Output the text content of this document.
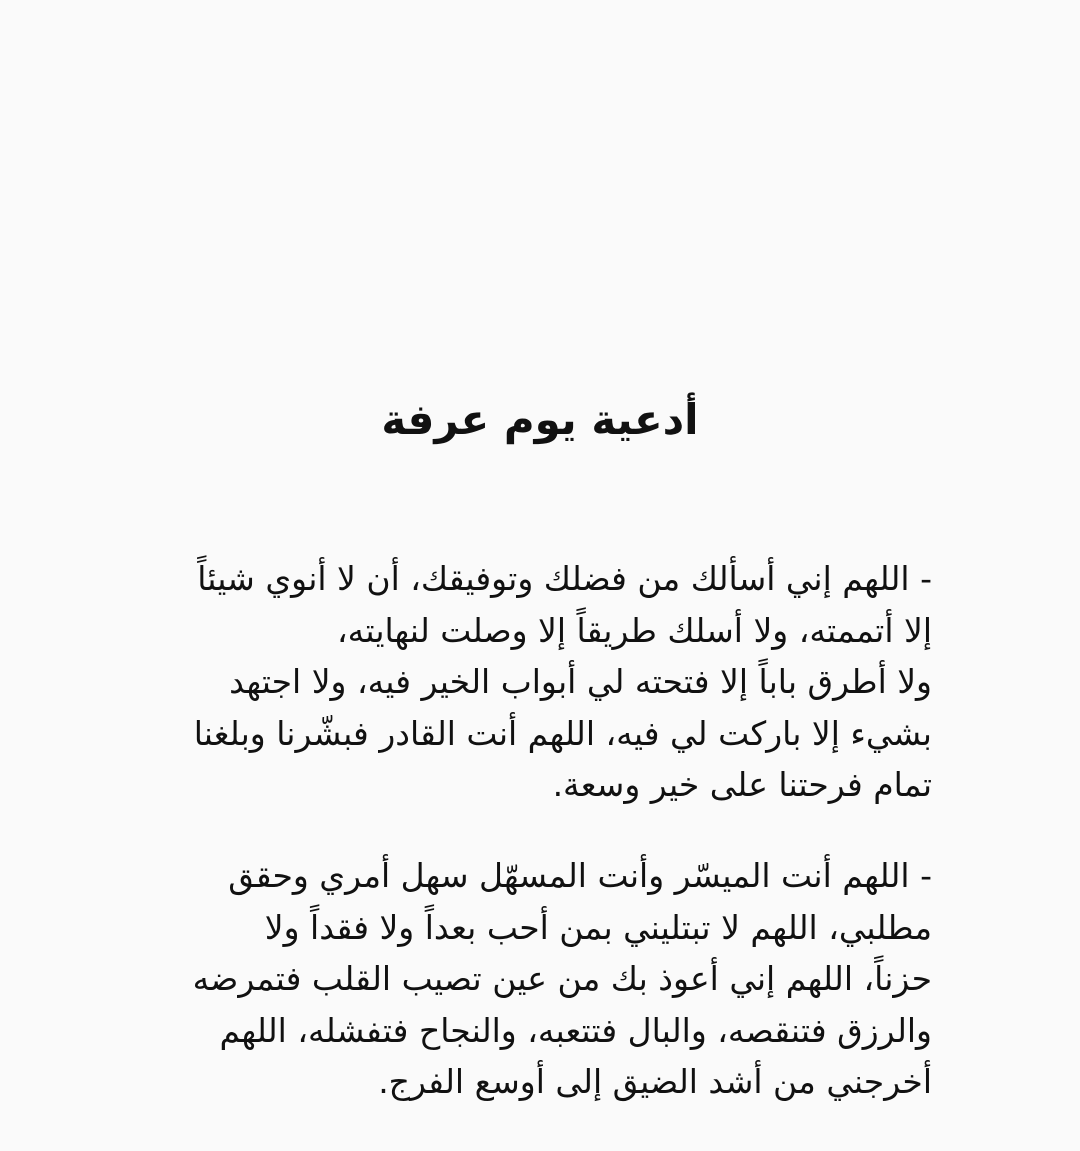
أدعية يوم عرفة

- اللهم إني أسألك من فضلك وتوفيقك، أن لا أنوي شيئاً
إلا أتممته، ولا أسلك طريقاً إلا وصلت لنهايته،
ولا أطرق باباً إلا فتحته لي أبواب الخير فيه، ولا اجتهد
بشيء إلا باركت لي فيه، اللهم أنت القادر فبشّرنا وبلغنا
تمام فرحتنا على خير وسعة.

- اللهم أنت الميسّر وأنت المسهّل سهل أمري وحقق
مطلبي، اللهم لا تبتليني بمن أحب بعداً ولا فقداً ولا
حزناً، اللهم إني أعوذ بك من عين تصيب القلب فتمرضه
والرزق فتنقصه، والبال فتتعبه، والنجاح فتفشله، اللهم
أخرجني من أشد الضيق إلى أوسع الفرج.
